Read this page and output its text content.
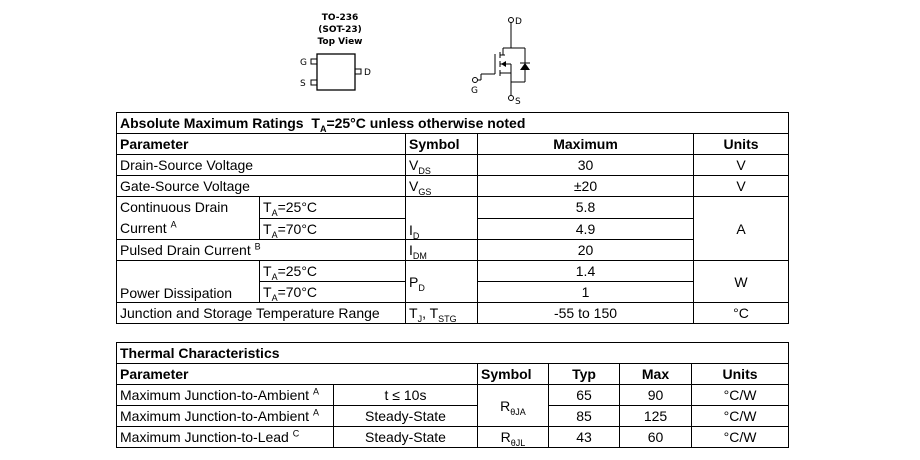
TO-236
(SOT-23)
Top View
G
S
D
D
G
S
Absolute Maximum Ratings $T_A=25^\circ C$ unless otherwise noted				
Parameter		Symbol	Maximum	Units
Drain-Source Voltage		$V_{DS}$	30	V
Gate-Source Voltage		$V_{GS}$	±20	V
Continuous Drain
Current $^A$	$T_A=25^\circ C$	$I_D$	5.8	A
	$T_A=70^\circ C$		4.9	
Pulsed Drain Current $^B$		$I_{DM}$	20	
Power Dissipation	$T_A=25^\circ C$	$P_D$	1.4	W
	$T_A=70^\circ C$		1	
Junction and Storage Temperature Range		$T_J$, $T_{STG}$	-55 to 150	°C
Thermal Characteristics					
Parameter		Symbol	Typ	Max	Units
Maximum Junction-to-Ambient $^A$	t ≤ 10s	$R_{\theta JA}$	65	90	°C/W
Maximum Junction-to-Ambient $^A$	Steady-State		85	125	°C/W
Maximum Junction-to-Lead $^C$	Steady-State	$R_{\theta JL}$	43	60	°C/W
